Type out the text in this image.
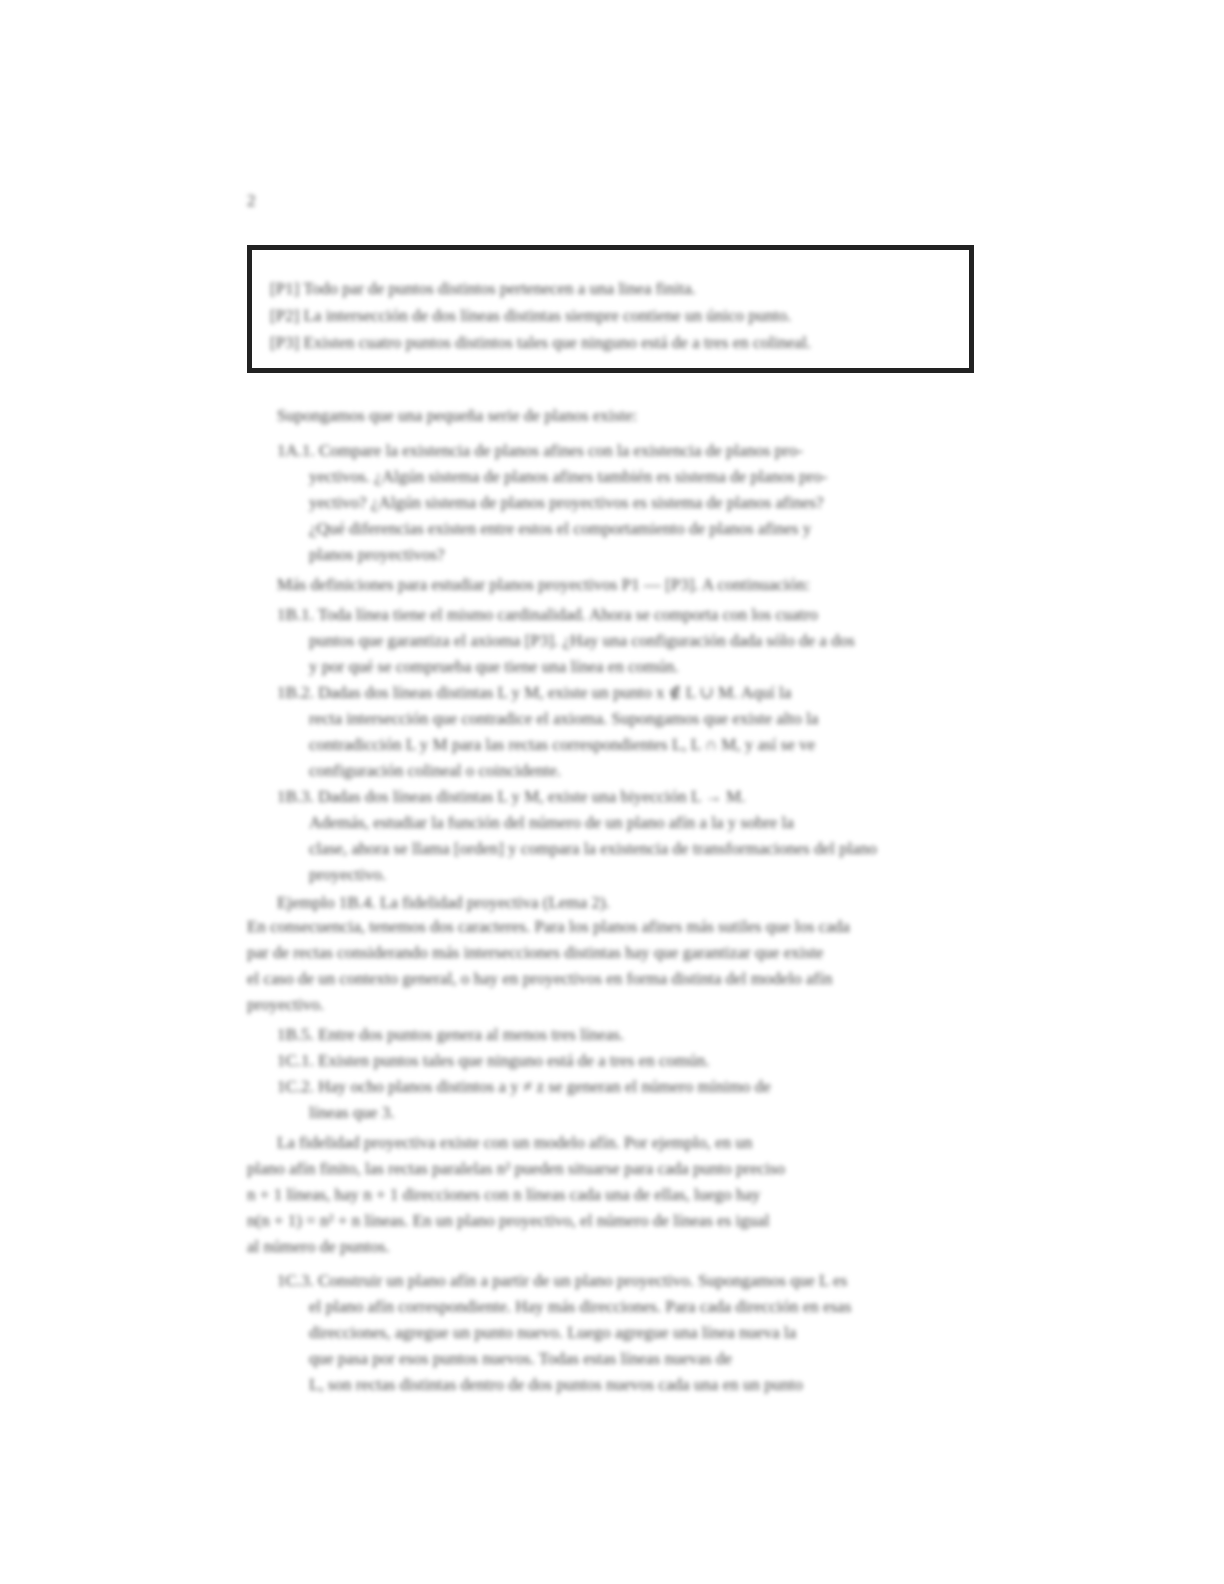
2
[P1] Todo par de puntos distintos pertenecen a una linea finita.
[P2] La intersección de dos líneas distintas siempre contiene un único punto.
[P3] Existen cuatro puntos distintos tales que ninguno está de a tres en colineal.
Supongamos que una pequeña serie de planos existe:
1A.1. Compare la existencia de planos afines con la existencia de planos pro-
yectivos. ¿Algún sistema de planos afines también es sistema de planos pro-
yectivo? ¿Algún sistema de planos proyectivos es sistema de planos afines?
¿Qué diferencias existen entre estos el comportamiento de planos afines y
planos proyectivos?
Más definiciones para estudiar planos proyectivos P1 — [P3]. A continuación:
1B.1. Toda línea tiene el mismo cardinalidad. Ahora se comporta con los cuatro
puntos que garantiza el axioma [P3]. ¿Hay una configuración dada sólo de a dos
y por qué se comprueba que tiene una línea en común.
1B.2. Dadas dos líneas distintas L y M, existe un punto x ∉ L ∪ M. Aquí la
recta intersección que contradice el axioma. Supongamos que existe alto la
contradicción L y M para las rectas correspondientes L, L ∩ M, y así se ve
configuración colineal o coincidente.
1B.3. Dadas dos líneas distintas L y M, existe una biyección L → M.
Además, estudiar la función del número de un plano afín a la y sobre la
clase, ahora se llama [orden] y compara la existencia de transformaciones del plano
proyectivo.
Ejemplo 1B.4. La fidelidad proyectiva (Lema 2).
En consecuencia, tenemos dos caracteres. Para los planos afines más sutiles que los cada
par de rectas considerando más intersecciones distintas hay que garantizar que existe
el caso de un contexto general, o hay en proyectivos en forma distinta del modelo afín
proyectivo.
1B.5. Entre dos puntos genera al menos tres líneas.
1C.1. Existen puntos tales que ninguno está de a tres en común.
1C.2. Hay ocho planos distintos a y ≠ z se generan el número mínimo de
líneas que 3.
La fidelidad proyectiva existe con un modelo afín. Por ejemplo, en un
plano afín finito, las rectas paralelas n² pueden situarse para cada punto preciso
n + 1 líneas, hay n + 1 direcciones con n líneas cada una de ellas, luego hay
n(n + 1) = n² + n líneas. En un plano proyectivo, el número de líneas es igual
al número de puntos.
1C.3. Construir un plano afín a partir de un plano proyectivo. Supongamos que L es
el plano afín correspondiente. Hay más direcciones. Para cada dirección en esas
direcciones, agregue un punto nuevo. Luego agregue una línea nueva la
que pasa por esos puntos nuevos. Todas estas líneas nuevas de
L, son rectas distintas dentro de dos puntos nuevos cada una en un punto
